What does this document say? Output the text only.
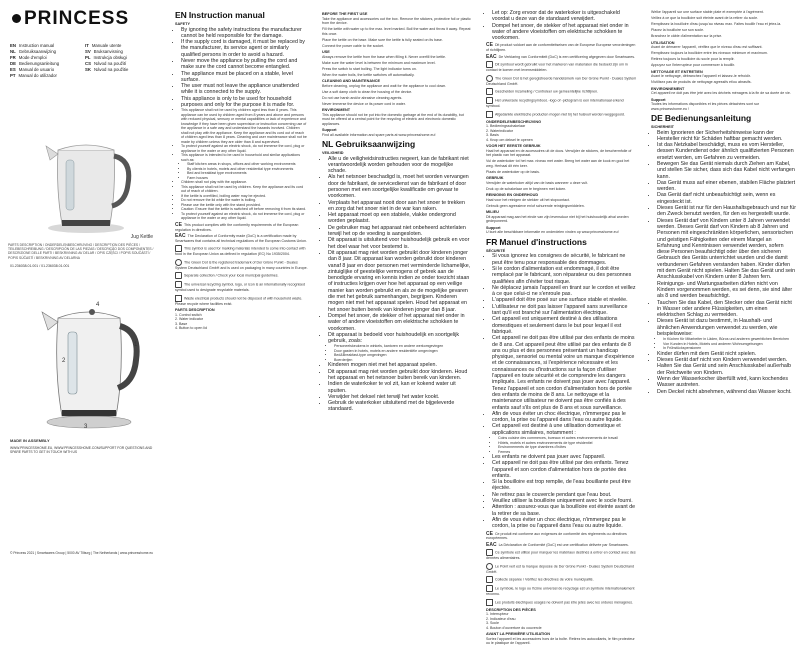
PRINCESS
EN Instruction manual	IT Manuale utente
NL Gebruiksaanwijzing	SV Bruksanvisning
FR Mode d'emploi	PL Instrukcja obsługi
DE Bedienungsanleitung	CS Návod na použití
ES Manual de usuario	SK Návod na použitie
PT Manual do utilizador
Jug Kettle
PARTS DESCRIPTION / ONDERDELENBESCHRIJVING / DESCRIPTION DES PIÈCES / TEILEBESCHREIBUNG / DESCRIPCIÓN DE LAS PIEZAS / DESCRIÇÃO DOS COMPONENTES / DESCRIZIONE DELLE PARTI / BESKRIVNING AV DELAR / OPIS CZĘŚCI / POPIS SOUČÁSTÍ / POPIS SÚČASTÍ / BESKRIVNING AV DELARNA
01.236038.01.001 / 01.236038.01.001
1
2
3
4
MADE IN ASSEMBLY
WWW.PRINCESSHOME.EU, WWW.PRINCESSHOME.COM/SUPPORT FOR QUESTIONS AND SPARE PARTS TO GET IN TOUCH WITH US
© Princess 2021 | Smartwares Group | 5000 AV Tilburg | The Netherlands | www.princesshome.eu
EN Instruction manual
SAFETY
• By ignoring the safety instructions the manufacturer cannot be held responsible for the damage.
• If the supply cord is damaged, it must be replaced by the manufacturer, its service agent or similarly qualified persons in order to avoid a hazard.
• Never move the appliance by pulling the cord and make sure the cord cannot become entangled.
• The appliance must be placed on a stable, level surface.
• The user must not leave the appliance unattended while it is connected to the supply.
• This appliance is only to be used for household purposes and only for the purpose it is made for.
• This appliance shall not be used by children aged less than 8 years. This appliance can be used by children aged from 8 years and above and persons with reduced physical, sensory or mental capabilities or lack of experience and knowledge if they have been given supervision or instruction concerning use of the appliance in a safe way and understand the hazards involved. Children shall not play with the appliance. Keep the appliance and its cord out of reach of children aged less than 8 years. Cleaning and user maintenance shall not be made by children unless they are older than 8 and supervised.
• To protect yourself against an electric shock, do not immerse the cord, plug or appliance in the water or any other liquid.
• This appliance is intended to be used in household and similar applications such as:
• Staff kitchen areas in shops, offices and other working environments
• By clients in hotels, motels and other residential type environments
• Bed and breakfast type environments
• Farm houses
• Children shall not play with the appliance.
• This appliance shall not be used by children. Keep the appliance and its cord out of reach of children.
• If the kettle is overfilled, boiling water may be ejected.
• Do not remove the lid while the water is boiling.
• Please use the kettle only with the stand provided.
• Caution: Ensure that the kettle is switched off before removing it from its stand.
• To protect yourself against an electric shock, do not immerse the cord, plug or appliance in the water or any other liquid.
CE This product complies with the conformity requirements of the European regulation in directives.
EAC The Declaration of Conformity made (DoC) is a certification made by Smartwares that contains all technical regulations of the European Customs Union.
This symbol is used for marking materials intended to come into contact with food in the European Union as defined in regulation (EC) No 1935/2004.
The Green Dot is the registered trademark of Der Grüne Punkt - Duales System Deutschland GmbH and is used on packaging in many countries in Europe.
Separate collection / Check your local municipal guidelines.
The universal recycling symbol, logo, or icon is an internationally recognised symbol used to designate recyclable materials.
Waste electrical products should not be disposed of with household waste. Please recycle where facilities exist.
PARTS DESCRIPTION
1. Control switch
2. Water indicator
3. Base
4. Button to open lid
BEFORE THE FIRST USE

Take the appliance and accessories out the box. Remove the stickers, protective foil or plastic from the device.

Fill the kettle with water up to the max. level marked. Boil the water and throw it away. Repeat this once.

Place the kettle on the base. Make sure the kettle is fully seated on its base.

Connect the power cable to the socket.

USE

Always remove the kettle from the base when filling it. Never overfill the kettle.

Make sure the water level is between the minimum and maximum level.

Press the switch to start boiling. The light indicator turns on.

When the water boils, the kettle switches off automatically.

CLEANING AND MAINTENANCE

Before cleaning, unplug the appliance and wait for the appliance to cool down.

Use a soft damp cloth to clean the housing of the device.

Do not use harsh and/or abrasive cleaning agents.

Never immerse the device or its power cord in water.

ENVIRONMENT

This appliance should not be put into the domestic garbage at the end of its durability, but must be offered at a central point for the recycling of electric and electronic domestic appliances.

Support

Find all available information and spare parts at www.princesshome.eu!

NL Gebruiksaanwijzing
VEILIGHEID
• Alle u de veiligheidsinstructies negeert, kan de fabrikant niet verantwoordelijk worden gehouden voor de mogelijke schade.
• Als het netsnoer beschadigd is, moet het worden vervangen door de fabrikant, de servicedienst van de fabrikant of door personen met een soortgelijke kwalificatie om gevaar te voorkomen.
• Verplaats het apparaat nooit door aan het snoer te trekken en zorg dat het snoer niet in de war kan raken.
• Het apparaat moet op een stabiele, vlakke ondergrond worden geplaatst.
• De gebruiker mag het apparaat niet onbeheerd achterlaten terwijl het op de voeding is aangesloten.
• Dit apparaat is uitsluitend voor huishoudelijk gebruik en voor het doel waar het voor bestemd is.
• Dit apparaat mag niet worden gebruikt door kinderen jonger dan 8 jaar. Dit apparaat kan worden gebruikt door kinderen vanaf 8 jaar en door personen met verminderde lichamelijke, zintuiglijke of geestelijke vermogens of gebrek aan de benodigde ervaring en kennis indien ze onder toezicht staan of instructies krijgen over hoe het apparaat op een veilige manier kan worden gebruikt en als ze de mogelijke gevaren die met het gebruik samenhangen, begrijpen. Kinderen mogen niet met het apparaat spelen. Houd het apparaat en het snoer buiten bereik van kinderen jonger dan 8 jaar.
• Dompel het snoer, de stekker of het apparaat niet onder in water of andere vloeistoffen om elektrische schokken te voorkomen.
• Dit apparaat is bedoeld voor huishoudelijk en soortgelijk gebruik, zoals:
• Personeelskeukens in winkels, kantoren en andere werkomgevingen
• Door gasten in hotels, motels en andere residentiële omgevingen
• Bed&Breakfast-type omgevingen
• Boerderijen
• Kinderen mogen niet met het apparaat spelen.
• Dit apparaat mag niet worden gebruikt door kinderen. Houd het apparaat en het netsnoer buiten bereik van kinderen.
• Indien de waterkoker te vol zit, kan er kokend water uit spuiten.
• Verwijder het deksel niet terwijl het water kookt.
• Gebruik de waterkoker uitsluitend met de bijgeleverde standaard.
• Let op: Zorg ervoor dat de waterkoker is uitgeschakeld voordat u deze van de standaard verwijdert.
• Dompel het snoer, de stekker of het apparaat niet onder in water of andere vloeistoffen om elektrische schokken te voorkomen.
CE Dit product voldoet aan de conformiteitseisen van de Europese Europese verordeningen of richtlijnen.
EAC De Verklaring van Conformiteit (DoC) is een certificering afgegeven door Smartwares.
Dit symbool wordt gebruikt voor het markeren van materialen die bedoeld zijn om in contact te komen met levensmiddelen.
The Green Dot is het geregistreerde handelsmerk van Der Grüne Punkt - Duales System Deutschland GmbH.
Gescheiden inzameling / Controleer uw gemeentelijke richtlijnen.
Het universele recyclingsymbool, -logo of -pictogram is een internationaal erkend symbool.
Afgedankte elektrische producten mogen niet bij het huisvuil worden weggegooid.
ONDERDELENBESCHRIJVING
1. Bedieningsschakelaar
2. Waterindicator
3. Basis
4. Knop om deksel te openen
VOOR HET EERSTE GEBRUIK

Haal het apparaat en de accessoires uit de doos. Verwijder de stickers, de beschermfolie of het plastic van het apparaat.

Vul de waterkoker tot het max. niveau met water. Breng het water aan de kook en gooi het weg. Herhaal dit één keer.

Plaats de waterkoker op de basis.

GEBRUIK

Verwijder de waterkoker altijd van de basis wanneer u deze vult.

Druk op de schakelaar om te beginnen met koken.

REINIGING EN ONDERHOUD

Haal voor het reinigen de stekker uit het stopcontact.

Gebruik geen agressieve en/of schurende reinigingsmiddelen.

MILIEU

Dit apparaat mag aan het einde van zijn levensduur niet bij het huishoudelijk afval worden gedeponeerd.

Support

U kunt alle beschikbare informatie en onderdelen vinden op www.princesshome.eu!

FR Manuel d'instructions
SÉCURITÉ
• Si vous ignorez les consignes de sécurité, le fabricant ne peut être tenu pour responsable des dommages.
• Si le cordon d'alimentation est endommagé, il doit être remplacé par le fabricant, son réparateur ou des personnes qualifiées afin d'éviter tout risque.
• Ne déplacez jamais l'appareil en tirant sur le cordon et veillez à ce que celui-ci ne s'enroule pas.
• L'appareil doit être posé sur une surface stable et nivelée.
• L'utilisateur ne doit pas laisser l'appareil sans surveillance tant qu'il est branché sur l'alimentation électrique.
• Cet appareil est uniquement destiné à des utilisations domestiques et seulement dans le but pour lequel il est fabriqué.
• Cet appareil ne doit pas être utilisé par des enfants de moins de 8 ans. Cet appareil peut être utilisé par des enfants de 8 ans ou plus et des personnes présentant un handicap physique, sensoriel ou mental voire un manque d'expérience et de connaissances, si l'expérience nécessaire et les connaissances ou d'instructions sur la façon d'utiliser l'appareil en toute sécurité et de comprendre les dangers impliqués. Les enfants ne doivent pas jouer avec l'appareil. Tenez l'appareil et son cordon d'alimentation hors de portée des enfants de moins de 8 ans. Le nettoyage et la maintenance utilisateur ne doivent pas être confiés à des enfants sauf s'ils ont plus de 8 ans et sous surveillance.
• Afin de vous éviter un choc électrique, n'immergez pas le cordon, la prise ou l'appareil dans l'eau ou autre liquide.
• Cet appareil est destiné à une utilisation domestique et applications similaires, notamment :
• Coins cuisine des commerces, bureaux et autres environnements de travail
• Hôtels, motels et autres environnements de type résidentiel
• Environnements de type chambres d'hôtes
• Fermes
• Les enfants ne doivent pas jouer avec l'appareil.
• Cet appareil ne doit pas être utilisé par des enfants. Tenez l'appareil et son cordon d'alimentation hors de portée des enfants.
• Si la bouilloire est trop remplie, de l'eau bouillante peut être éjectée.
• Ne retirez pas le couvercle pendant que l'eau bout.
• Veuillez utiliser la bouilloire uniquement avec le socle fourni.
• Attention : assurez-vous que la bouilloire est éteinte avant de la retirer de sa base.
• Afin de vous éviter un choc électrique, n'immergez pas le cordon, la prise ou l'appareil dans l'eau ou autre liquide.
CE Ce produit est conforme aux exigences de conformité des règlements ou directives européennes.
EAC La Déclaration de Conformité (DoC) est une certification délivrée par Smartwares.
Ce symbole est utilisé pour marquer les matériaux destinés à entrer en contact avec des denrées alimentaires.
Le Point vert est la marque déposée de Der Grüne Punkt - Duales System Deutschland GmbH.
Collecte séparée / Vérifiez les directives de votre municipalité.
Le symbole, le logo ou l'icône universel de recyclage est un symbole internationalement reconnu.
Les produits électriques usagés ne doivent pas être jetés avec les ordures ménagères.
DESCRIPTION DES PIÈCES
1. Interrupteur
2. Indicateur d'eau
3. Socle
4. Bouton d'ouverture du couvercle
AVANT LA PREMIÈRE UTILISATION

Sortez l'appareil et les accessoires hors de la boîte. Retirez les autocollants, le film protecteur ou le plastique de l'appareil.

Welke l'appareil sur une surface stable plate et exemptée à l'agrément.

Veillez à ce que la bouilloire soit éteinte avant de la retirer du socle.

Remplissez la bouilloire d'eau jusqu'au niveau max. Faites bouillir l'eau et jetez-la.

Placez la bouilloire sur son socle.

Branchez le câble d'alimentation sur la prise.

UTILISATION

Avant de démarrer l'appareil, vérifiez que le niveau d'eau est suffisant.

Remplissez toujours la bouilloire entre les niveaux minimum et maximum.

Retirez toujours la bouilloire du socle pour la remplir.

Appuyez sur l'interrupteur pour commencer à bouillir.

NETTOYAGE ET ENTRETIEN

Avant le nettoyage, débranchez l'appareil et laissez-le refroidir.

N'utilisez pas de produits de nettoyage agressifs et/ou abrasifs.

ENVIRONNEMENT

Cet appareil ne doit pas être jeté avec les déchets ménagers à la fin de sa durée de vie.

Support

Toutes les informations disponibles et les pièces détachées sont sur www.princesshome.eu !

DE Bedienungsanleitung
SICHERHEIT
• Beim Ignorieren der Sicherheitshinweise kann der Hersteller nicht für Schäden haftbar gemacht werden.
• Ist das Netzkabel beschädigt, muss es vom Hersteller, dessen Kundendienst oder ähnlich qualifizierten Personen ersetzt werden, um Gefahren zu vermeiden.
• Bewegen Sie das Gerät niemals durch Ziehen am Kabel, und stellen Sie sicher, dass sich das Kabel nicht verfangen kann.
• Das Gerät muss auf einer ebenen, stabilen Fläche platziert werden.
• Das Gerät darf nicht unbeaufsichtigt sein, wenn es eingesteckt ist.
• Dieses Gerät ist nur für den Haushaltsgebrauch und nur für den Zweck benutzt werden, für den es hergestellt wurde.
• Dieses Gerät darf von Kindern unter 8 Jahren verwendet werden. Dieses Gerät darf von Kindern ab 8 Jahren und Personen mit eingeschränkten körperlichen, sensorischen und geistigen Fähigkeiten oder einem Mangel an Erfahrung und Kenntnissen verwendet werden, sofern diese Personen beaufsichtigt oder über den sicheren Gebrauch des Geräts unterrichtet wurden und die damit verbundenen Gefahren verstanden haben. Kinder dürfen mit dem Gerät nicht spielen. Halten Sie das Gerät und sein Anschlusskabel von Kindern unter 8 Jahren fern. Reinigungs- und Wartungsarbeiten dürfen nicht von Kindern vorgenommen werden, es sei denn, sie sind älter als 8 und werden beaufsichtigt.
• Tauchen Sie das Kabel, den Stecker oder das Gerät nicht in Wasser oder andere Flüssigkeiten, um einen elektrischen Schlag zu vermeiden.
• Dieses Gerät ist dazu bestimmt, in Haushalt- und ähnlichen Anwendungen verwendet zu werden, wie beispielsweise:
• In Küchen für Mitarbeiter in Läden, Büros und anderen gewerblichen Bereichen
• Von Kunden in Hotels, Motels und anderen Wohnumgebungen
• In Frühstückspensionen
• Kinder dürfen mit dem Gerät nicht spielen.
• Dieses Gerät darf nicht von Kindern verwendet werden. Halten Sie das Gerät und sein Anschlusskabel außerhalb der Reichweite von Kindern.
• Wenn der Wasserkocher überfüllt wird, kann kochendes Wasser austreten.
• Den Deckel nicht abnehmen, während das Wasser kocht.
